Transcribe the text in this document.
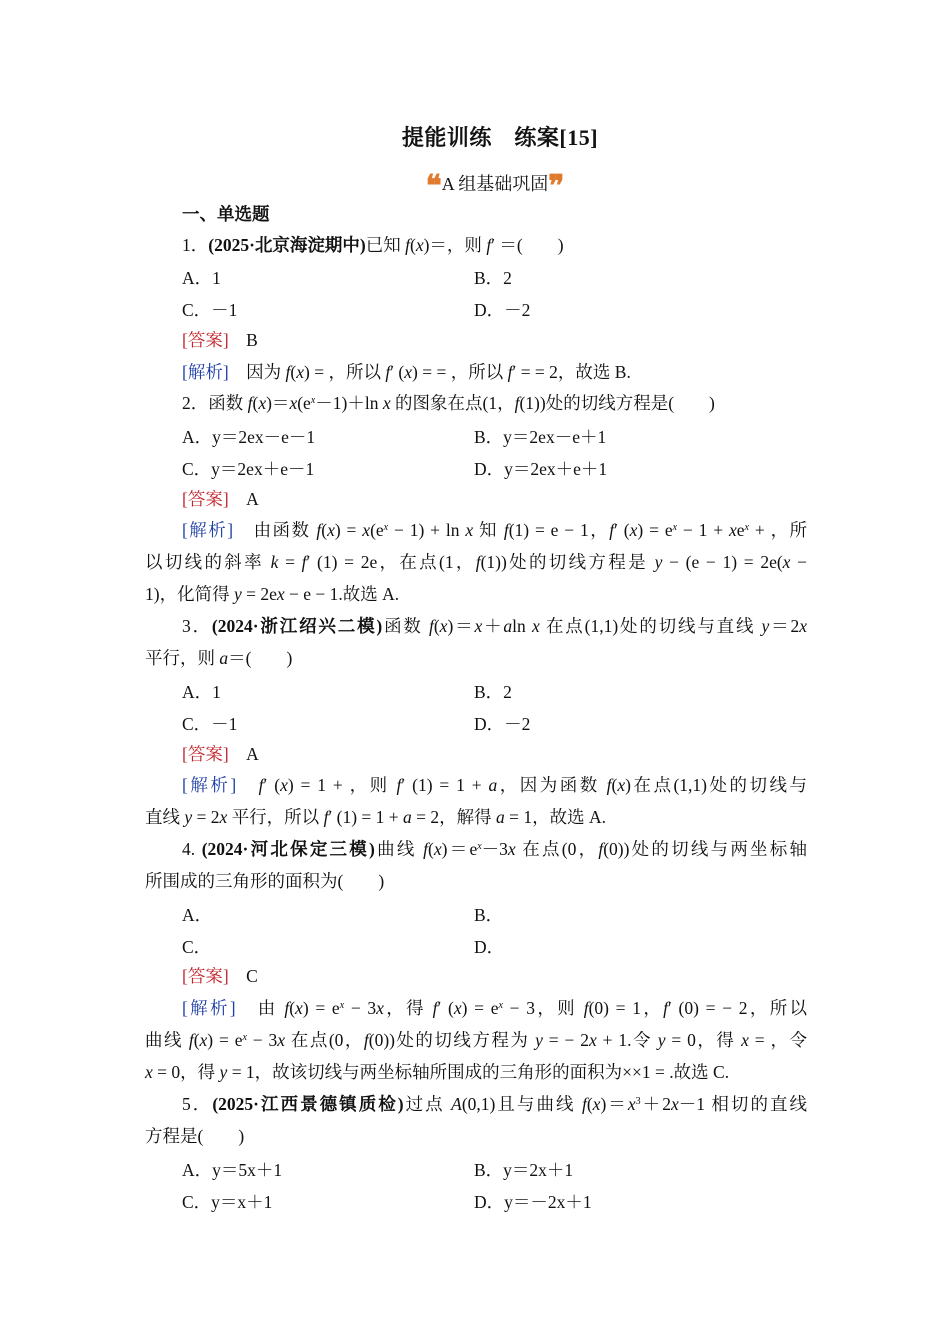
提能训练　练案[15]
❝A 组基础巩固❞
一、单选题
1．(2025·北京海淀期中)已知 f(x)＝，则 f′ ＝(　　)
A．1	B．2
C．－1	D．－2
[答案]　 B
[解析]　因为 f(x) = ，所以 f′ (x) = = ，所以 f′ = = 2，故选 B.
2．函数 $f(x)=x(e^x-1)+\ln$ x 的图象在点(1，f(1))处的切线方程是(　　)
A．y＝2ex－e－1	B．y＝2ex－e＋1
C．y＝2ex＋e－1	D．y＝2ex＋e＋1
[答案]　 A
[解析]　由函数 $f(x) = x(e^x - 1) + \ln x$ 知 f(1) = e − 1，f′ $(x) = e^x - 1 + xe^x$ + ，所
以切线的斜率 k = f′ (1) = 2e，在点(1，f(1))处的切线方程是 y − (e − 1) = 2e(x −
1)，化简得 y = 2ex − e − 1.故选 A.
3．(2024·浙江绍兴二模)函数 f(x)＝x＋aln x 在点(1,1)处的切线与直线 y＝2x
平行，则 a＝(　　)
A．1	B．2
C．－1	D．－2
[答案]　 A
[解析]　 f′ (x) = 1 + ，则 f′ (1) = 1 + a，因为函数 f(x)在点(1,1)处的切线与
直线 y = 2x 平行，所以 f′ (1) = 1 + a = 2，解得 a = 1，故选 A.
4. (2024·河北保定三模)曲线 $f(x)=e^x-3x$ 在点(0，f(0))处的切线与两坐标轴
所围成的三角形的面积为(　　)
A．	B．
C．	D．
[答案]　 C
[解析]　由 $f(x) = e^x - 3x$，得 f′ $(x) = e^x - 3$，则 f(0) = 1，f′ (0) = − 2，所以
曲线 $f(x) = e^x - 3x$ 在点(0，f(0))处的切线方程为 y = − 2x + 1.令 y = 0，得 x = ，令
x = 0，得 y = 1，故该切线与两坐标轴所围成的三角形的面积为××1 = .故选 C.
5．(2025·江西景德镇质检)过点 A(0,1)且与曲线 $f(x)=x^3+2x-1$ 相切的直线
方程是(　　)
A．y＝5x＋1	B．y＝2x＋1
C．y＝x＋1	D．y＝－2x＋1
